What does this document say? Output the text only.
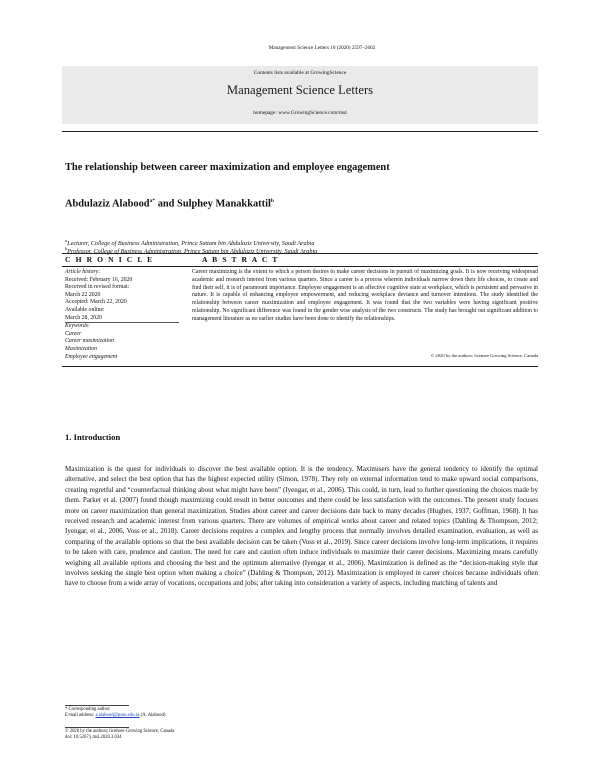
Management Science Letters 10 (2020) 2597–2602
Contents lists available at GrowingScience
Management Science Letters
homepage: www.GrowingScience.com/msl
The relationship between career maximization and employee engagement
Abdulaziz Alabood$^{a*}$ and Sulphey Manakkattil$^b$
$^a$Lecturer, College of Business Administration, Prince Sattam bin Abdulaziz University, Saudi Arabia
$^b$Professor, College of Business Administration, Prince Sattam bin Abdulaziz University, Saudi Arabia
C H R O N I C L E	A B S T R A C T
Article history:
Received: February 16, 2020
Received in revised format:
March 22 2020
Accepted: March 22, 2020
Available online:
March 28, 2020
Keywords:
Career
Career maximization
Maximization
Employee engagement
Career maximizing is the extent to which a person desires to make career decisions in pursuit of maximizing goals. It is now receiving widespread academic and research interest from various quarters. Since a career is a process wherein individuals narrow down their life choices, to create and find their self, it is of paramount importance. Employee engagement is an affective cognitive state at workplace, which is persistent and pervasive in nature. It is capable of enhancing employee empowerment, and reducing workplace deviance and turnover intentions. The study identified the relationship between career maximization and employee engagement. It was found that the two variables were having significant positive relationship. No significant difference was found in the gender wise analysis of the two constructs. The study has brought out significant addition to management literature as no earlier studies have been done to identify the relationships.
© 2020 by the authors; licensee Growing Science, Canada
1. Introduction
Maximization is the quest for individuals to discover the best available option. It is the tendency. Maximisers have the general tendency to identify the optimal alternative, and select the best option that has the highest expected utility (Simon, 1978). They rely on external information tend to make upward social comparisons, creating regretful and “counterfactual thinking about what might have been” (Iyengar, et al., 2006). This could, in turn, lead to further questioning the choices made by them. Parker et al. (2007) found though maximizing could result in better outcomes and there could be less satisfaction with the outcomes. The present study focuses more on career maximization than general maximization. Studies about career and career decisions date back to many decades (Hughes, 1937; Goffman, 1968). It has received research and academic interest from various quarters. There are volumes of empirical works about career and related topics (Dahling & Thompson, 2012; Iyengar, et al., 2006, Voss et al., 2018). Career decisions requires a complex and lengthy process that normally involves detailed examination, evaluation, as well as comparing of the available options so that the best available decision can be taken (Voss et al., 2019). Since career decisions involve long-term implications, it requires to be taken with care, prudence and caution. The need for care and caution often induce individuals to maximize their career decisions. Maximizing means carefully weighing all available options and choosing the best and the optimum alternative (Iyengar et al., 2006). Maximization is defined as the “decision-making style that involves seeking the single best option when making a choice” (Dahling & Thompson, 2012). Maximization is employed in career choices because individuals often have to choose from a wide array of vocations, occupations and jobs; after taking into consideration a variety of aspects, including matching of talents and
* Corresponding author.
E-mail address: a.alabood@psau.edu.sa (A. Alabood)
© 2020 by the authors; licensee Growing Science, Canada
doi: 10.5267/j.msl.2020.3.034
